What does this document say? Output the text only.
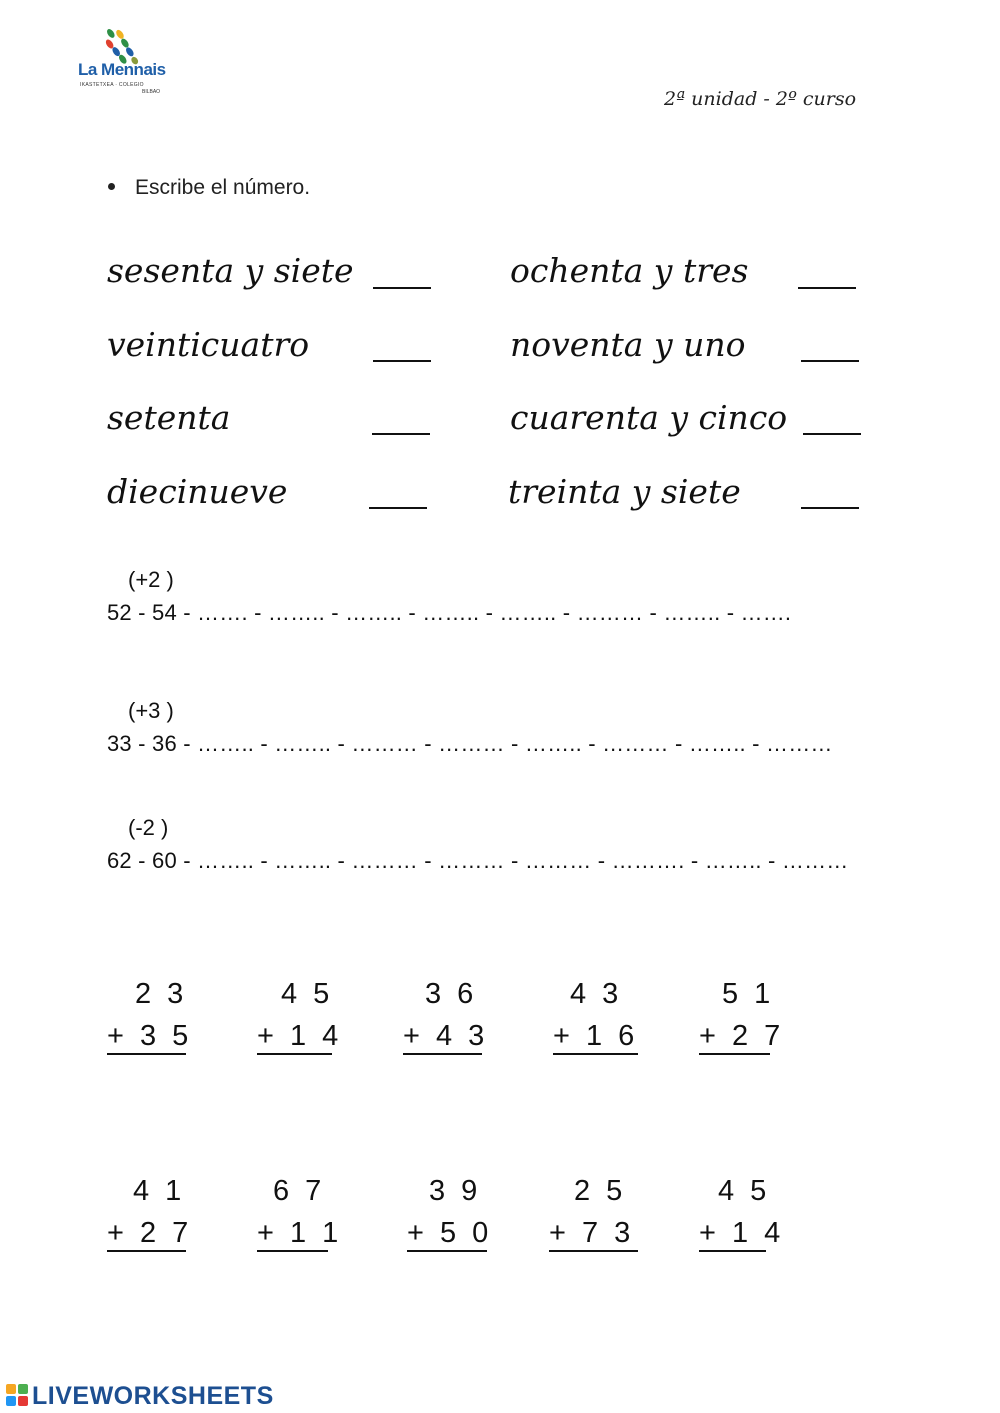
La Mennais
IKASTETXEA · COLEGIO
BILBAO	2ª unidad - 2º curso
Escribe el número.
sesenta y siete	ochenta y tres
veinticuatro	noventa y uno
setenta	cuarenta y cinco
diecinueve	treinta y siete
(+2 )
52 - 54 - ……. - …….. - …….. - …….. - …….. - ……… - …….. - …….
(+3 )
33 - 36 - …….. - …….. - ……… - ……… - …….. - ……… - …….. - ………
(-2 )
62 - 60 - …….. - …….. - ……… - ……… - ……… - ………. - …….. - ………
2 3
+ 3 5
4 5
+ 1 4
3 6
+ 4 3
4 3
+ 1 6
5 1
+ 2 7
4 1
+ 2 7
6 7
+ 1 1
3 9
+ 5 0
2 5
+ 7 3
4 5
+ 1 4
LIVEWORKSHEETS
